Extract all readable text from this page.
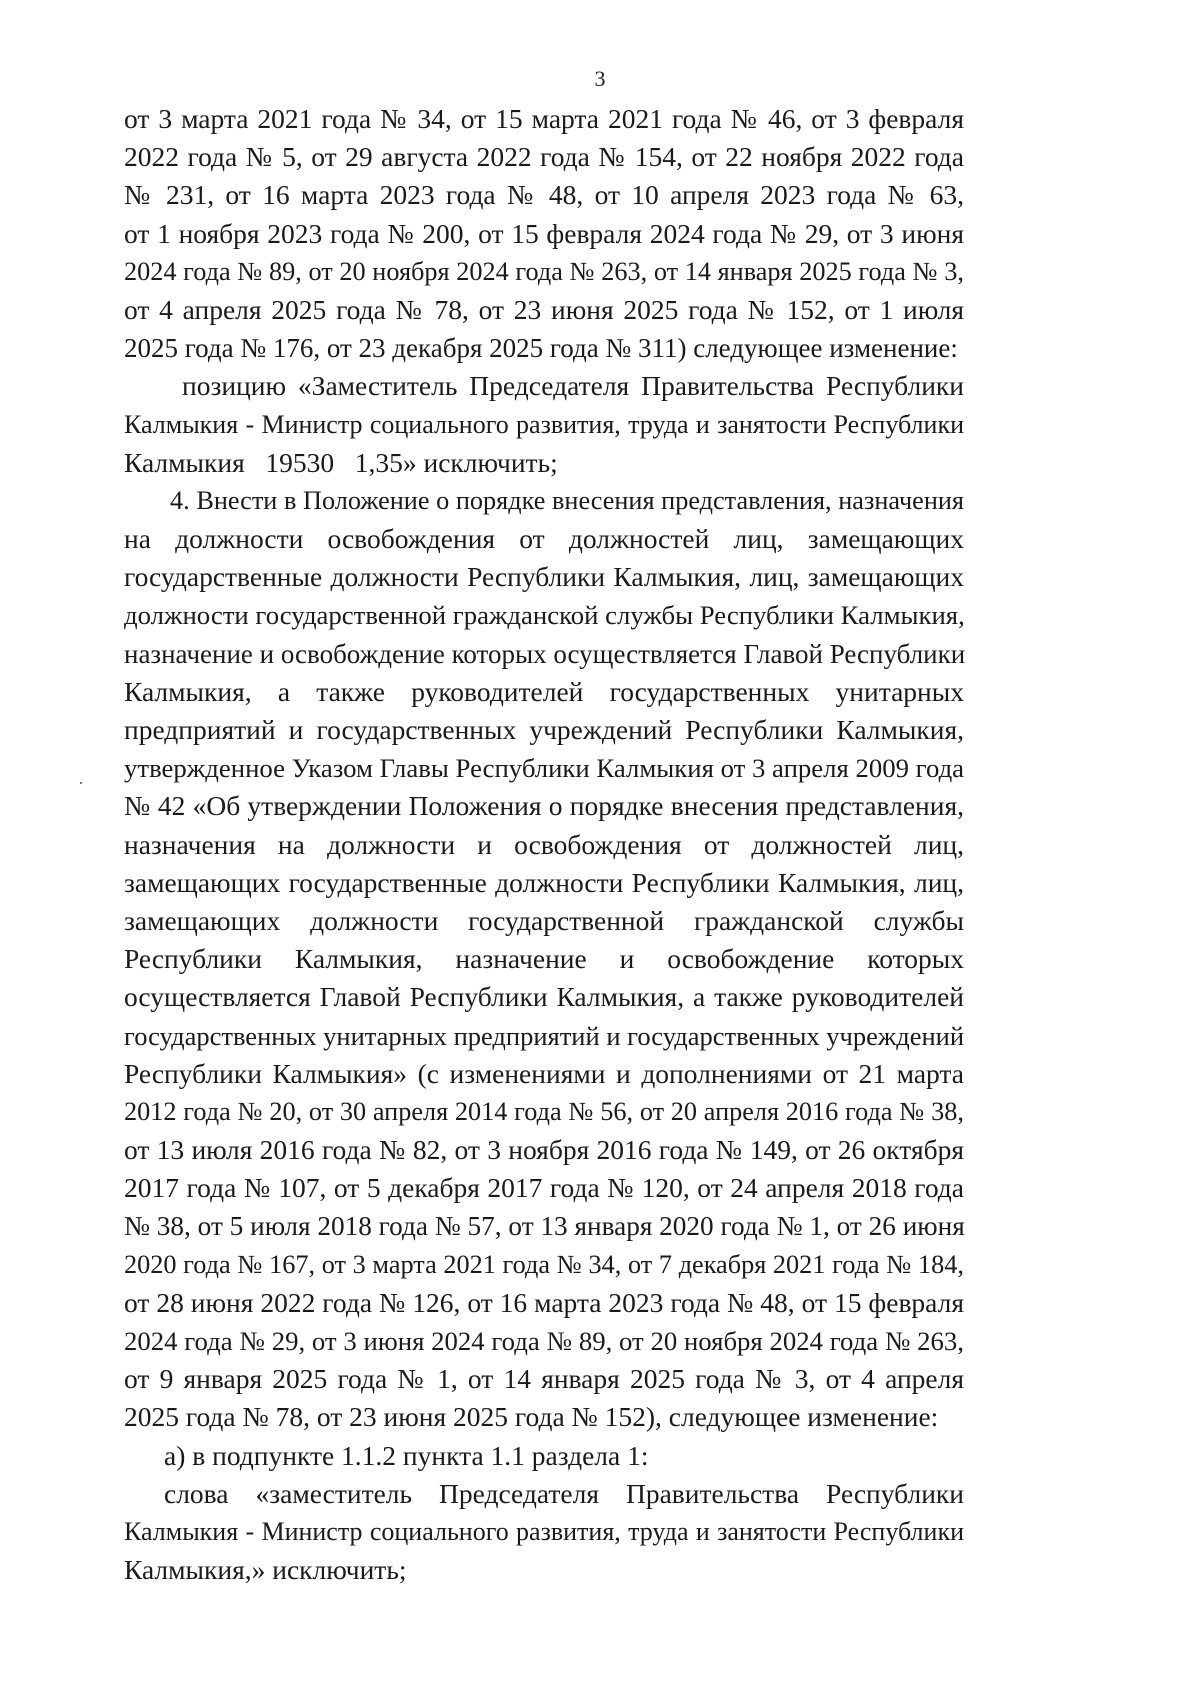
3
от 3 марта 2021 года № 34, от 15 марта 2021 года № 46, от 3 февраля
2022 года № 5, от 29 августа 2022 года № 154, от 22 ноября 2022 года
№ 231, от 16 марта 2023 года № 48, от 10 апреля 2023 года № 63,
от 1 ноября 2023 года № 200, от 15 февраля 2024 года № 29, от 3 июня
2024 года № 89, от 20 ноября 2024 года № 263, от 14 января 2025 года № 3,
от 4 апреля 2025 года № 78, от 23 июня 2025 года № 152, от 1 июля
2025 года № 176, от 23 декабря 2025 года № 311) следующее изменение:
позицию «Заместитель Председателя Правительства Республики
Калмыкия - Министр социального развития, труда и занятости Республики
Калмыкия   19530   1,35» исключить;
4. Внести в Положение о порядке внесения представления, назначения
на должности освобождения от должностей лиц, замещающих
государственные должности Республики Калмыкия, лиц, замещающих
должности государственной гражданской службы Республики Калмыкия,
назначение и освобождение которых осуществляется Главой Республики
Калмыкия, а также руководителей государственных унитарных
предприятий и государственных учреждений Республики Калмыкия,
утвержденное Указом Главы Республики Калмыкия от 3 апреля 2009 года
№ 42 «Об утверждении Положения о порядке внесения представления,
назначения на должности и освобождения от должностей лиц,
замещающих государственные должности Республики Калмыкия, лиц,
замещающих должности государственной гражданской службы
Республики Калмыкия, назначение и освобождение которых
осуществляется Главой Республики Калмыкия, а также руководителей
государственных унитарных предприятий и государственных учреждений
Республики Калмыкия» (с изменениями и дополнениями от 21 марта
2012 года № 20, от 30 апреля 2014 года № 56, от 20 апреля 2016 года № 38,
от 13 июля 2016 года № 82, от 3 ноября 2016 года № 149, от 26 октября
2017 года № 107, от 5 декабря 2017 года № 120, от 24 апреля 2018 года
№ 38, от 5 июля 2018 года № 57, от 13 января 2020 года № 1, от 26 июня
2020 года № 167, от 3 марта 2021 года № 34, от 7 декабря 2021 года № 184,
от 28 июня 2022 года № 126, от 16 марта 2023 года № 48, от 15 февраля
2024 года № 29, от 3 июня 2024 года № 89, от 20 ноября 2024 года № 263,
от 9 января 2025 года № 1, от 14 января 2025 года № 3, от 4 апреля
2025 года № 78, от 23 июня 2025 года № 152), следующее изменение:
а) в подпункте 1.1.2 пункта 1.1 раздела 1:
слова «заместитель Председателя Правительства Республики
Калмыкия - Министр социального развития, труда и занятости Республики
Калмыкия,» исключить;
